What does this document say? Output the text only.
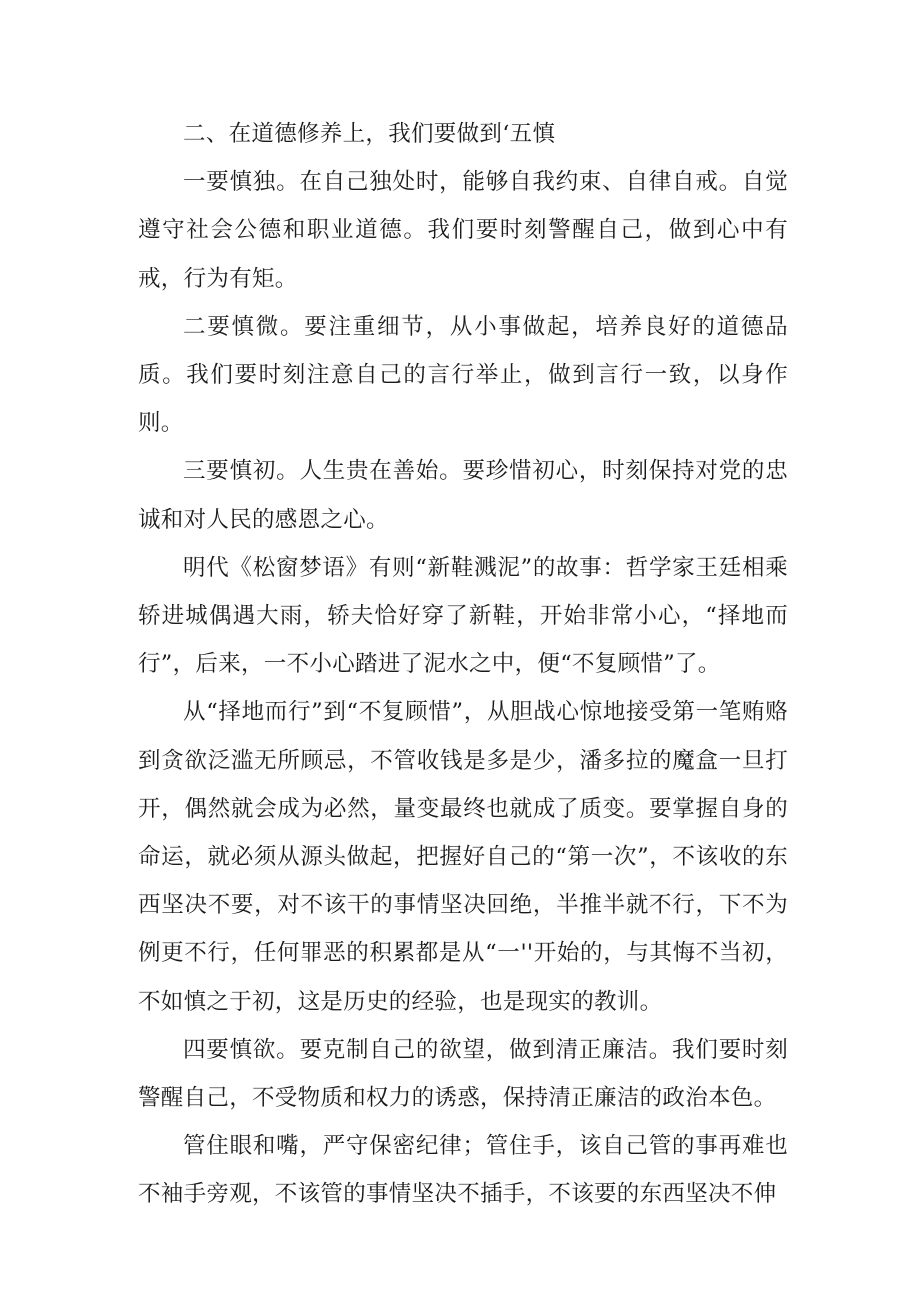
二、在道德修养上，我们要做到‘五慎

一要慎独。在自己独处时，能够自我约束、自律自戒。自觉遵守社会公德和职业道德。我们要时刻警醒自己，做到心中有戒，行为有矩。

二要慎微。要注重细节，从小事做起，培养良好的道德品质。我们要时刻注意自己的言行举止，做到言行一致，以身作则。

三要慎初。人生贵在善始。要珍惜初心，时刻保持对党的忠诚和对人民的感恩之心。

明代《松窗梦语》有则“新鞋溅泥”的故事：哲学家王廷相乘轿进城偶遇大雨，轿夫恰好穿了新鞋，开始非常小心，“择地而行”，后来，一不小心踏进了泥水之中，便“不复顾惜”了。

从“择地而行”到“不复顾惜”，从胆战心惊地接受第一笔贿赂到贪欲泛滥无所顾忌，不管收钱是多是少，潘多拉的魔盒一旦打开，偶然就会成为必然，量变最终也就成了质变。要掌握自身的命运，就必须从源头做起，把握好自己的“第一次”，不该收的东西坚决不要，对不该干的事情坚决回绝，半推半就不行，下不为例更不行，任何罪恶的积累都是从“一''开始的，与其悔不当初，不如慎之于初，这是历史的经验，也是现实的教训。

四要慎欲。要克制自己的欲望，做到清正廉洁。我们要时刻警醒自己，不受物质和权力的诱惑，保持清正廉洁的政治本色。

管住眼和嘴，严守保密纪律；管住手，该自己管的事再难也不袖手旁观，不该管的事情坚决不插手，不该要的东西坚决不伸
